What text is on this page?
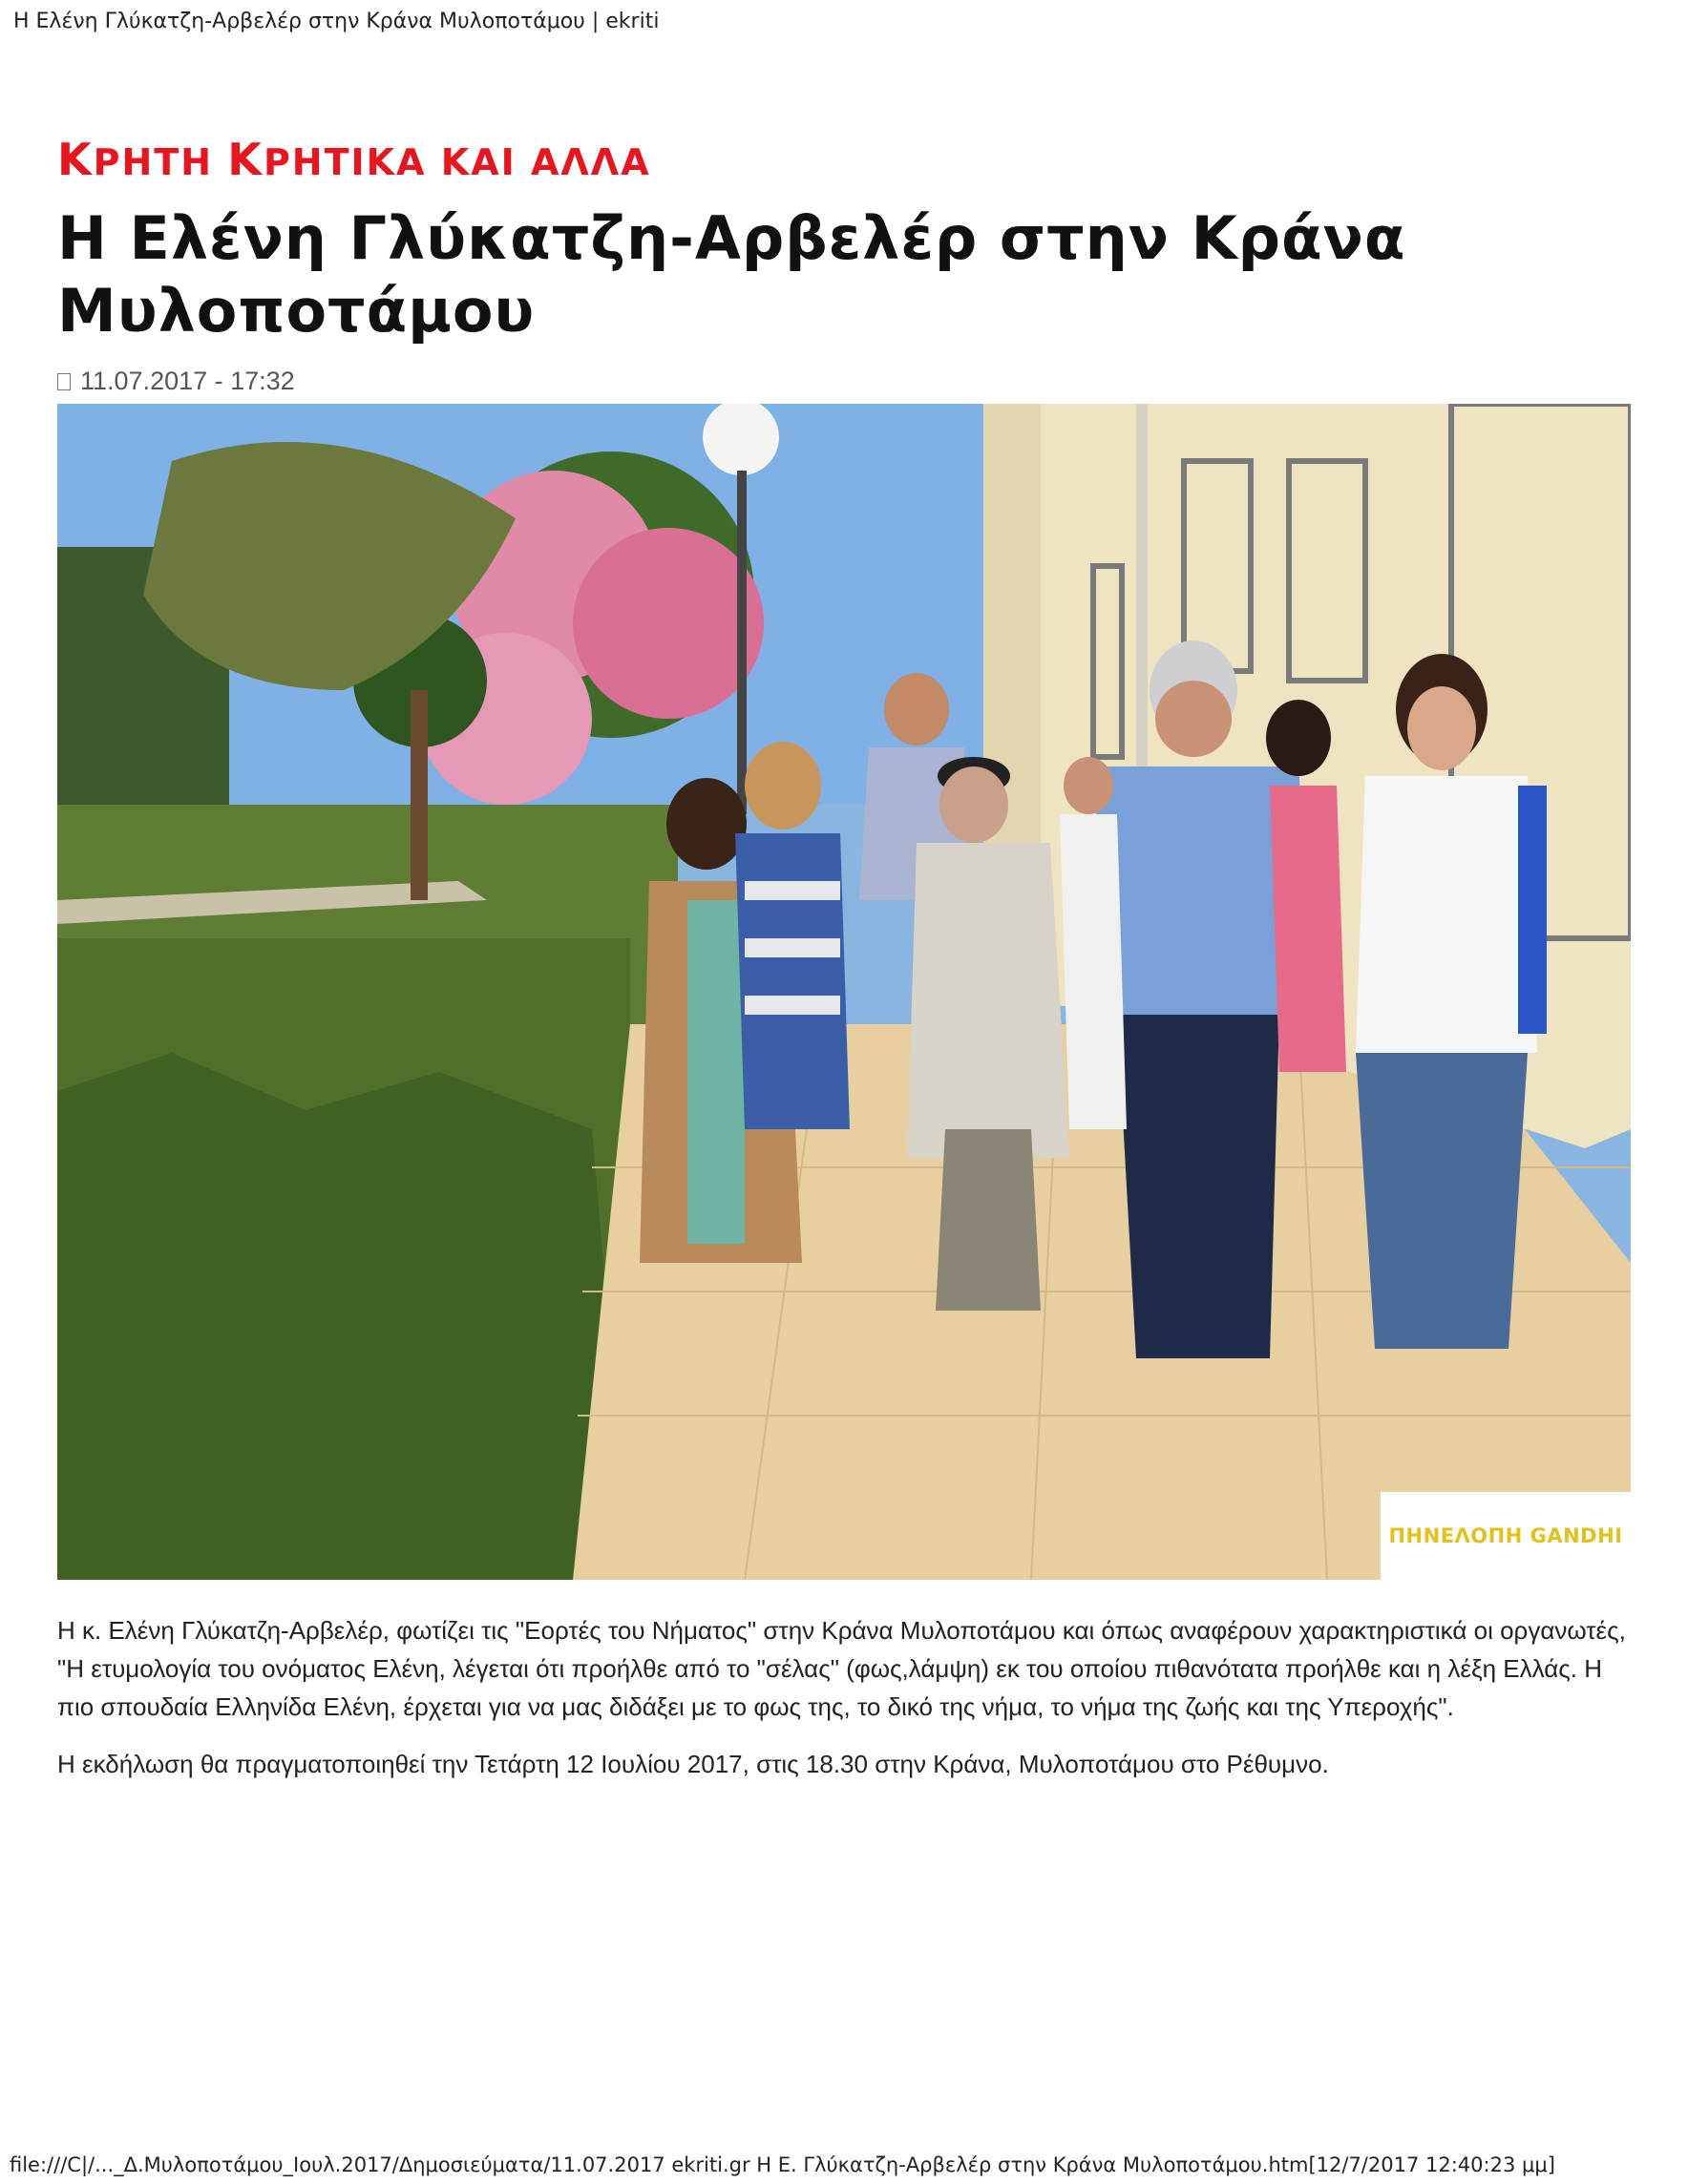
Η Ελένη Γλύκατζη-Αρβελέρ στην Κράνα Μυλοποτάμου | ekriti
ΚΡΗΤΗ ΚΡΗΤΙΚΑ ΚΑΙ ΑΛΛΑ
Η Ελένη Γλύκατζη-Αρβελέρ στην Κράνα Μυλοποτάμου
11.07.2017 - 17:32
ΠΗΝΕΛΟΠΗ GANDHI

Η κ. Ελένη Γλύκατζη-Αρβελέρ, φωτίζει τις "Εορτές του Νήματος" στην Κράνα Μυλοποτάμου και όπως αναφέρουν χαρακτηριστικά οι οργανωτές, "Η ετυμολογία του ονόματος Ελένη, λέγεται ότι προήλθε από το "σέλας" (φως,λάμψη) εκ του οποίου πιθανότατα προήλθε και η λέξη Ελλάς. Η πιο σπουδαία Ελληνίδα Ελένη, έρχεται για να μας διδάξει με το φως της, το δικό της νήμα, το νήμα της ζωής και της Υπεροχής".

Η εκδήλωση θα πραγματοποιηθεί την Τετάρτη 12 Ιουλίου 2017, στις 18.30 στην Κράνα, Μυλοποτάμου στο Ρέθυμνο.

file:///C|/..._Δ.Μυλοποτάμου_Ιουλ.2017/Δημοσιεύματα/11.07.2017 ekriti.gr Η Ε. Γλύκατζη-Αρβελέρ στην Κράνα Μυλοποτάμου.htm[12/7/2017 12:40:23 μμ]
